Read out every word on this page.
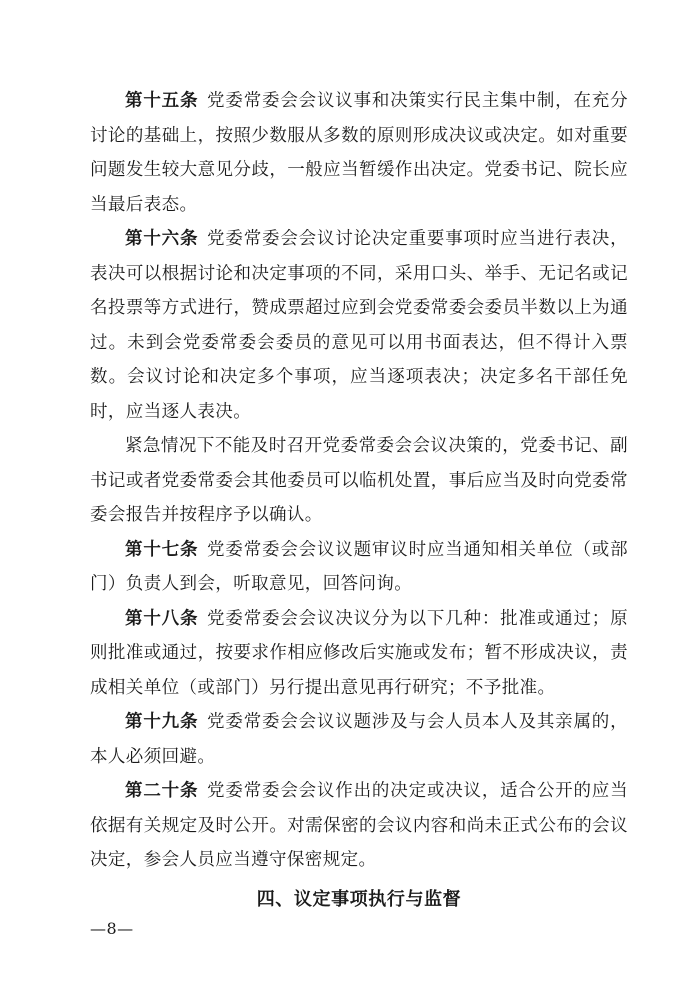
第十五条 党委常委会会议议事和决策实行民主集中制，在充分讨论的基础上，按照少数服从多数的原则形成决议或决定。如对重要问题发生较大意见分歧，一般应当暂缓作出决定。党委书记、院长应当最后表态。

第十六条 党委常委会会议讨论决定重要事项时应当进行表决，表决可以根据讨论和决定事项的不同，采用口头、举手、无记名或记名投票等方式进行，赞成票超过应到会党委常委会委员半数以上为通过。未到会党委常委会委员的意见可以用书面表达，但不得计入票数。会议讨论和决定多个事项，应当逐项表决；决定多名干部任免时，应当逐人表决。

紧急情况下不能及时召开党委常委会会议决策的，党委书记、副书记或者党委常委会其他委员可以临机处置，事后应当及时向党委常委会报告并按程序予以确认。

第十七条 党委常委会会议议题审议时应当通知相关单位（或部门）负责人到会，听取意见，回答问询。

第十八条 党委常委会会议决议分为以下几种：批准或通过；原则批准或通过，按要求作相应修改后实施或发布；暂不形成决议，责成相关单位（或部门）另行提出意见再行研究；不予批准。

第十九条 党委常委会会议议题涉及与会人员本人及其亲属的，本人必须回避。

第二十条 党委常委会会议作出的决定或决议，适合公开的应当依据有关规定及时公开。对需保密的会议内容和尚未正式公布的会议决定，参会人员应当遵守保密规定。

四、议定事项执行与监督

—8—
